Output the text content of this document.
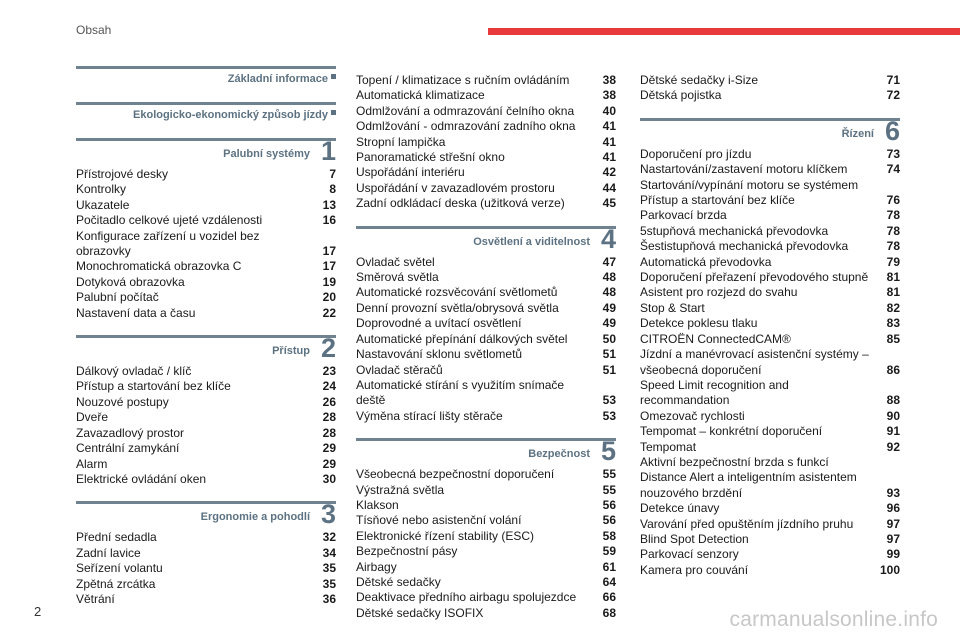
Obsah
Základní informace
Ekologicko-ekonomický způsob jízdy
Palubní systémy 1
Přístrojové desky	7
Kontrolky	8
Ukazatele	13
Počitadlo celkové ujeté vzdálenosti	16
Konfigurace zařízení u vozidel bez obrazovky	17
Monochromatická obrazovka C	17
Dotyková obrazovka	19
Palubní počítač	20
Nastavení data a času	22
Přístup 2
Dálkový ovladač / klíč	23
Přístup a startování bez klíče	24
Nouzové postupy	26
Dveře	28
Zavazadlový prostor	28
Centrální zamykání	29
Alarm	29
Elektrické ovládání oken	30
Ergonomie a pohodlí 3
Přední sedadla	32
Zadní lavice	34
Seřízení volantu	35
Zpětná zrcátka	35
Větrání	36
Topení / klimatizace s ručním ovládáním	38
Automatická klimatizace	38
Odmlžování a odmrazování čelního okna	40
Odmlžování - odmrazování zadního okna	41
Stropní lampička	41
Panoramatické střešní okno	41
Uspořádání interiéru	42
Uspořádání v zavazadlovém prostoru	44
Zadní odkládací deska (užitková verze)	45
Osvětlení a viditelnost 4
Ovladač světel	47
Směrová světla	48
Automatické rozsvěcování světlometů	48
Denní provozní světla/obrysová světla	49
Doprovodné a uvítací osvětlení	49
Automatické přepínání dálkových světel	50
Nastavování sklonu světlometů	51
Ovladač stěračů	51
Automatické stírání s využitím snímače deště	53
Výměna stírací lišty stěrače	53
Bezpečnost 5
Všeobecná bezpečnostní doporučení	55
Výstražná světla	55
Klakson	56
Tísňové nebo asistenční volání	56
Elektronické řízení stability (ESC)	58
Bezpečnostní pásy	59
Airbagy	61
Dětské sedačky	64
Deaktivace předního airbagu spolujezdce	66
Dětské sedačky ISOFIX	68
Dětské sedačky i-Size	71
Dětská pojistka	72
Řízení 6
Doporučení pro jízdu	73
Nastartování/zastavení motoru klíčkem	74
Startování/vypínání motoru se systémem Přístup a startování bez klíče	76
Parkovací brzda	78
5stupňová mechanická převodovka	78
Šestistupňová mechanická převodovka	78
Automatická převodovka	79
Doporučení přeřazení převodového stupně	81
Asistent pro rozjezd do svahu	81
Stop & Start	82
Detekce poklesu tlaku	83
CITROËN ConnectedCAM®	85
Jízdní a manévrovací asistenční systémy – všeobecná doporučení	86
Speed Limit recognition and recommandation	88
Omezovač rychlosti	90
Tempomat – konkrétní doporučení	91
Tempomat	92
Aktivní bezpečnostní brzda s funkcí Distance Alert a inteligentním asistentem nouzového brzdění	93
Detekce únavy	96
Varování před opuštěním jízdního pruhu	97
Blind Spot Detection	97
Parkovací senzory	99
Kamera pro couvání	100
2	carmanualsonline.info
